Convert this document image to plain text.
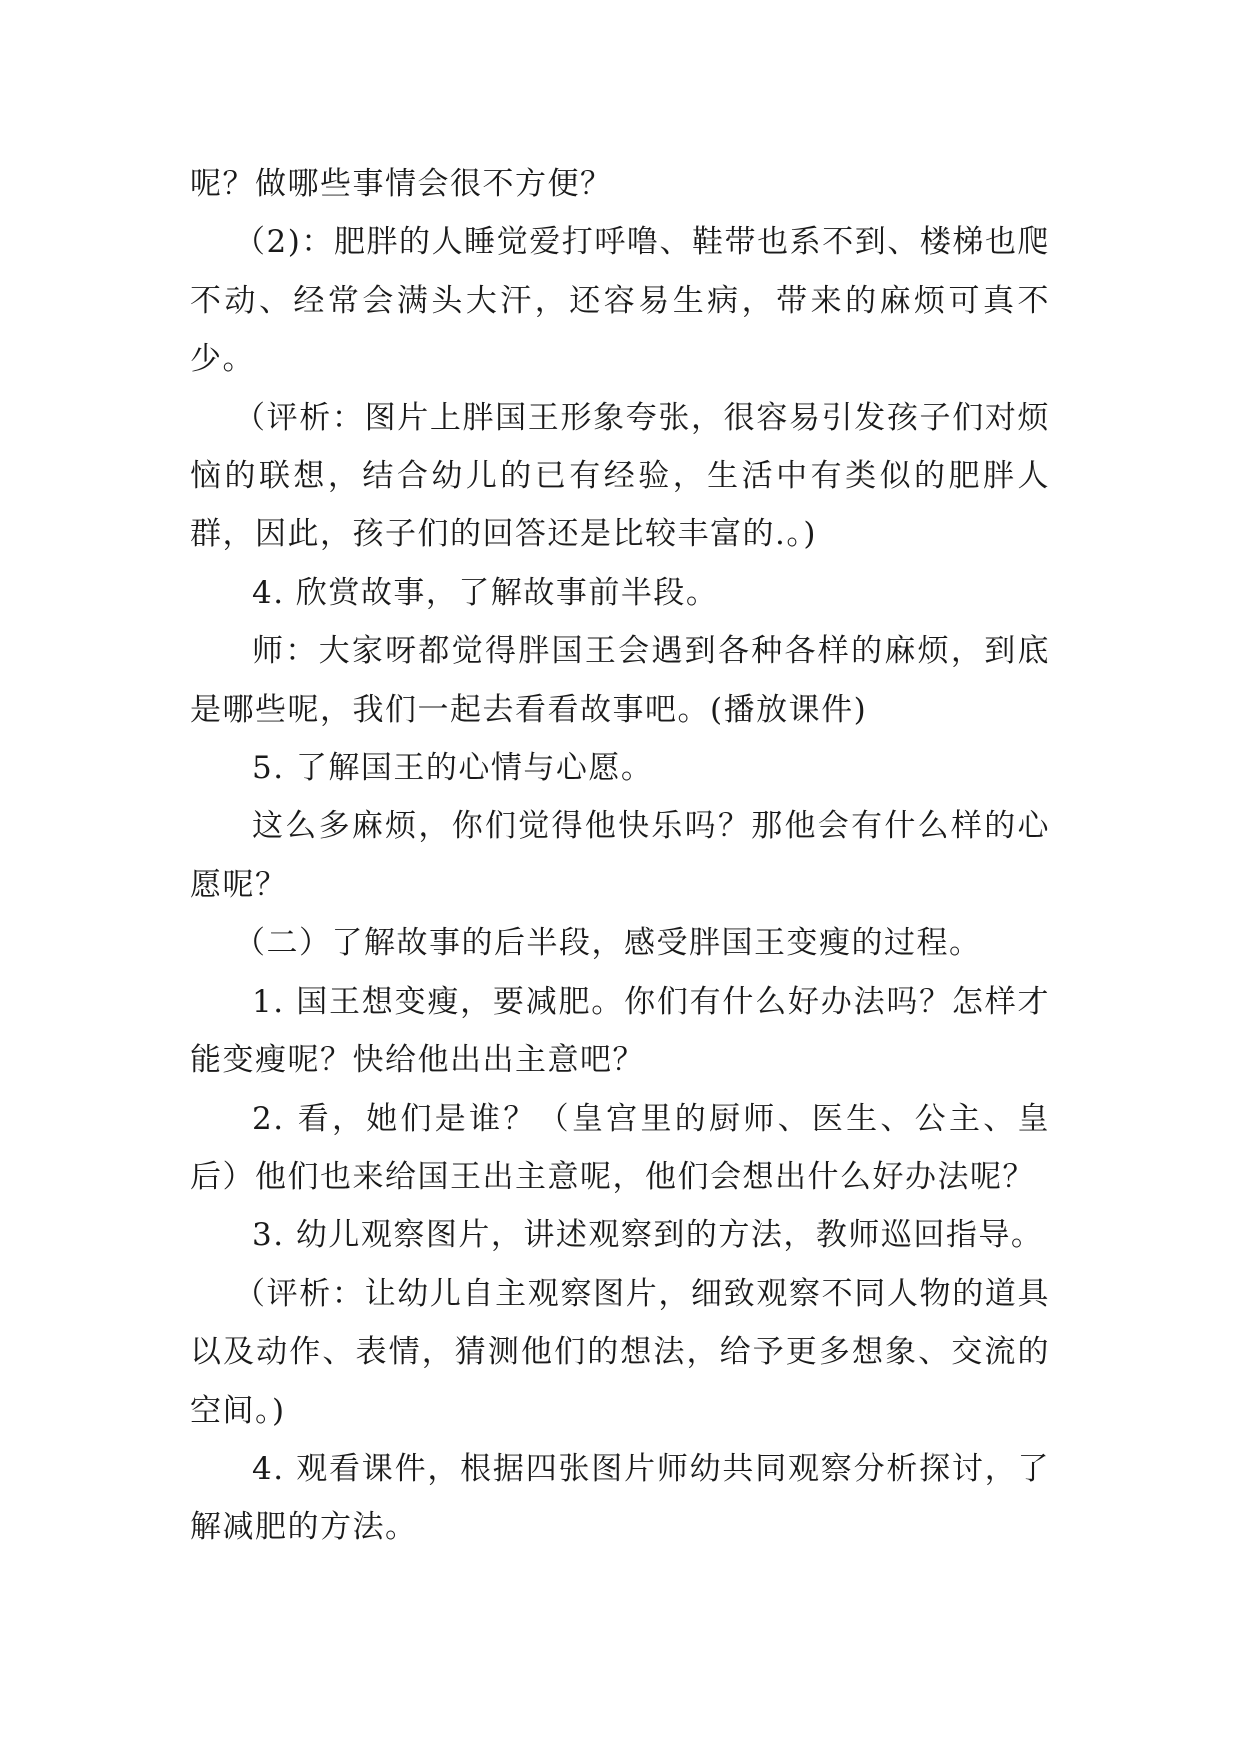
呢？做哪些事情会很不方便？

（2)：肥胖的人睡觉爱打呼噜、鞋带也系不到、楼梯也爬不动、经常会满头大汗，还容易生病，带来的麻烦可真不少。

（评析：图片上胖国王形象夸张，很容易引发孩子们对烦恼的联想，结合幼儿的已有经验，生活中有类似的肥胖人群，因此，孩子们的回答还是比较丰富的.。)

4. 欣赏故事，了解故事前半段。

师：大家呀都觉得胖国王会遇到各种各样的麻烦，到底是哪些呢，我们一起去看看故事吧。(播放课件)

5. 了解国王的心情与心愿。

这么多麻烦，你们觉得他快乐吗？那他会有什么样的心愿呢？

（二）了解故事的后半段，感受胖国王变瘦的过程。

1. 国王想变瘦，要减肥。你们有什么好办法吗？怎样才能变瘦呢？快给他出出主意吧？

2. 看，她们是谁？（皇宫里的厨师、医生、公主、皇后）他们也来给国王出主意呢，他们会想出什么好办法呢？

3. 幼儿观察图片，讲述观察到的方法，教师巡回指导。

（评析：让幼儿自主观察图片，细致观察不同人物的道具以及动作、表情，猜测他们的想法，给予更多想象、交流的空间。)

4. 观看课件，根据四张图片师幼共同观察分析探讨，了解减肥的方法。
